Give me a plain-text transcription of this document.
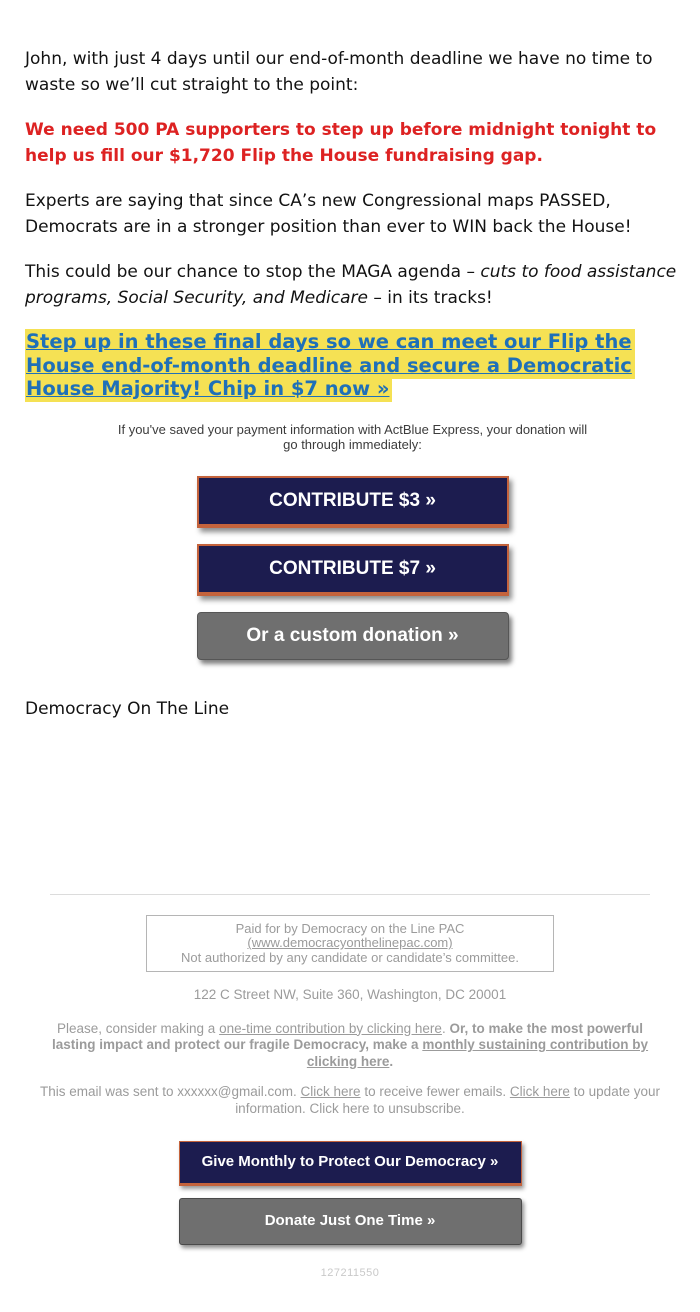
John, with just 4 days until our end-of-month deadline we have no time to waste so we’ll cut straight to the point:

We need 500 PA supporters to step up before midnight tonight to help us fill our $1,720 Flip the House fundraising gap.

Experts are saying that since CA’s new Congressional maps PASSED, Democrats are in a stronger position than ever to WIN back the House!

This could be our chance to stop the MAGA agenda – cuts to food assistance programs, Social Security, and Medicare – in its tracks!

Step up in these final days so we can meet our Flip the
House end-of-month deadline and secure a Democratic
House Majority! Chip in $7 now »

If you've saved your payment information with ActBlue Express, your donation will go through immediately:

CONTRIBUTE $3 »
CONTRIBUTE $7 »
Or a custom donation »

Democracy On The Line

Paid for by Democracy on the Line PAC
(www.democracyonthelinepac.com)
Not authorized by any candidate or candidate’s committee.
122 C Street NW, Suite 360, Washington, DC 20001

Please, consider making a one-time contribution by clicking here. Or, to make the most powerful lasting impact and protect our fragile Democracy, make a monthly sustaining contribution by clicking here.

This email was sent to xxxxxx@gmail.com. Click here to receive fewer emails. Click here to update your information. Click here to unsubscribe.

Give Monthly to Protect Our Democracy »
Donate Just One Time »
127211550
